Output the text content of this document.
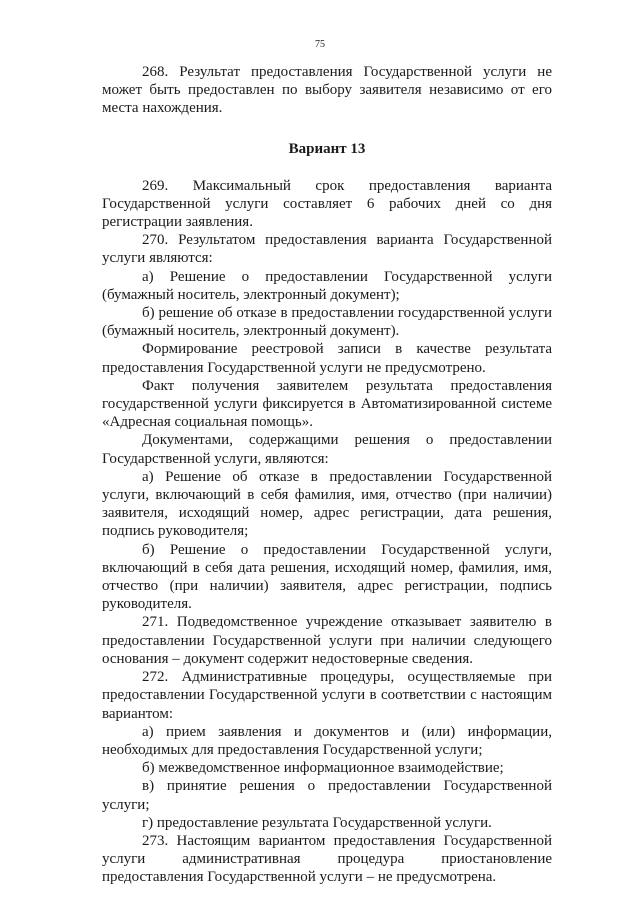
75

268. Результат предоставления Государственной услуги не может быть предоставлен по выбору заявителя независимо от его места нахождения.

Вариант 13

269. Максимальный срок предоставления варианта Государственной услуги составляет 6 рабочих дней со дня регистрации заявления.

270. Результатом предоставления варианта Государственной услуги являются:

а) Решение о предоставлении Государственной услуги (бумажный носитель, электронный документ);

б) решение об отказе в предоставлении государственной услуги (бумажный носитель, электронный документ).

Формирование реестровой записи в качестве результата предоставления Государственной услуги не предусмотрено.

Факт получения заявителем результата предоставления государственной услуги фиксируется в Автоматизированной системе «Адресная социальная помощь».

Документами, содержащими решения о предоставлении Государственной услуги, являются:

а) Решение об отказе в предоставлении Государственной услуги, включающий в себя фамилия, имя, отчество (при наличии) заявителя, исходящий номер, адрес регистрации, дата решения, подпись руководителя;

б) Решение о предоставлении Государственной услуги, включающий в себя дата решения, исходящий номер, фамилия, имя, отчество (при наличии) заявителя, адрес регистрации, подпись руководителя.

271. Подведомственное учреждение отказывает заявителю в предоставлении Государственной услуги при наличии следующего основания – документ содержит недостоверные сведения.

272. Административные процедуры, осуществляемые при предоставлении Государственной услуги в соответствии с настоящим вариантом:

а) прием заявления и документов и (или) информации, необходимых для предоставления Государственной услуги;

б) межведомственное информационное взаимодействие;

в) принятие решения о предоставлении Государственной услуги;

г) предоставление результата Государственной услуги.

273. Настоящим вариантом предоставления Государственной услуги административная процедура приостановление предоставления Государственной услуги – не предусмотрена.
